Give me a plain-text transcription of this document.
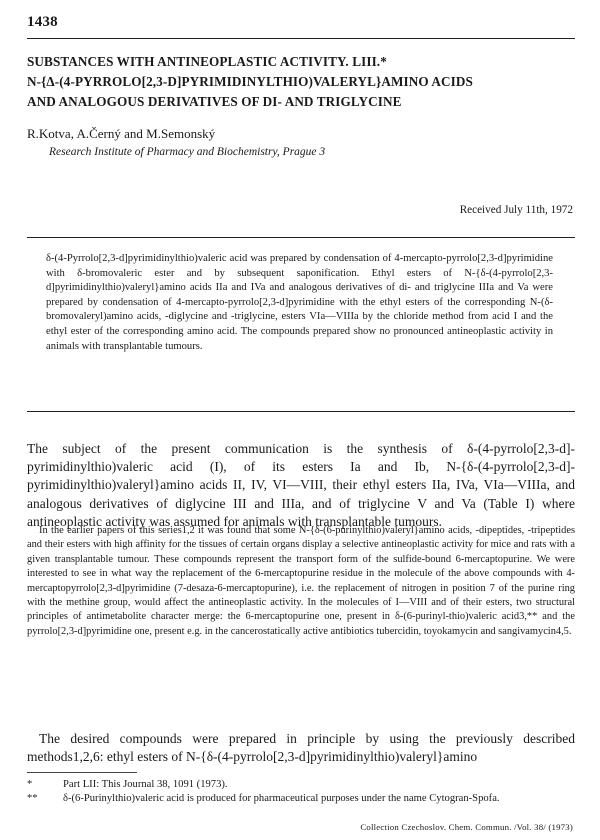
1438
SUBSTANCES WITH ANTINEOPLASTIC ACTIVITY. LIII.*
N-{Δ-(4-PYRROLO[2,3-D]PYRIMIDINYLTHIO)VALERYL}AMINO ACIDS
AND ANALOGOUS DERIVATIVES OF DI- AND TRIGLYCINE
R.Kotva, A.Černý and M.Semonský
Research Institute of Pharmacy and Biochemistry, Prague 3
Received July 11th, 1972

δ-(4-Pyrrolo[2,3-d]pyrimidinylthio)valeric acid was prepared by condensation of 4-mercapto-pyrrolo[2,3-d]pyrimidine with δ-bromovaleric ester and by subsequent saponification. Ethyl esters of N-{δ-(4-pyrrolo[2,3-d]pyrimidinylthio)valeryl}amino acids IIa and IVa and analogous derivatives of di- and triglycine IIIa and Va were prepared by condensation of 4-mercapto-pyrrolo[2,3-d]pyrimidine with the ethyl esters of the corresponding N-(δ-bromovaleryl)amino acids, -diglycine and -triglycine, esters VIa—VIIIa by the chloride method from acid I and the ethyl ester of the corresponding amino acid. The compounds prepared show no pronounced antineoplastic activity in animals with transplantable tumours.

The subject of the present communication is the synthesis of δ-(4-pyrrolo[2,3-d]-pyrimidinylthio)valeric acid (I), of its esters Ia and Ib, N-{δ-(4-pyrrolo[2,3-d]-pyrimidinylthio)valeryl}amino acids II, IV, VI—VIII, their ethyl esters IIa, IVa, VIa—VIIIa, and analogous derivatives of diglycine III and IIIa, and of triglycine V and Va (Table I) where antineoplastic activity was assumed for animals with transplantable tumours.

In the earlier papers of this series1,2 it was found that some N-{δ-(6-purinylthio)valeryl}amino acids, -dipeptides, -tripeptides and their esters with high affinity for the tissues of certain organs display a selective antineoplastic activity for mice and rats with a given transplantable tumour. These compounds represent the transport form of the sulfide-bound 6-mercaptopurine. We were interested to see in what way the replacement of the 6-mercaptopurine residue in the molecule of the above compounds with 4-mercaptopyrrolo[2,3-d]pyrimidine (7-desaza-6-mercaptopurine), i.e. the replacement of nitrogen in position 7 of the purine ring with the methine group, would affect the antineoplastic activity. In the molecules of I—VIII and of their esters, two structural principles of antimetabolite character merge: the 6-mercaptopurine one, present in δ-(6-purinyl-thio)valeric acid3,** and the pyrrolo[2,3-d]pyrimidine one, present e.g. in the cancerostatically active antibiotics tubercidin, toyokamycin and sangivamycin4,5.

The desired compounds were prepared in principle by using the previously described methods1,2,6: ethyl esters of N-{δ-(4-pyrrolo[2,3-d]pyrimidinylthio)valeryl}amino

*	Part LII: This Journal 38, 1091 (1973).
**	δ-(6-Purinylthio)valeric acid is produced for pharmaceutical purposes under the name Cytogran-Spofa.
Collection Czechoslov. Chem. Commun. /Vol. 38/ (1973)
